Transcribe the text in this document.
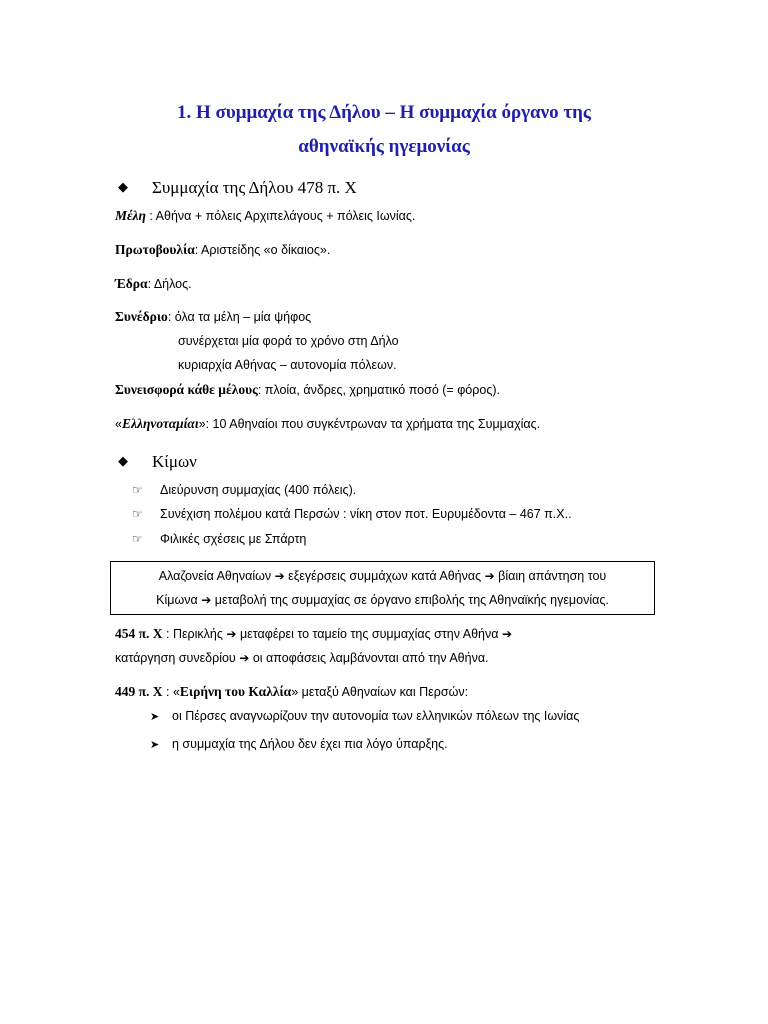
1. Η συμμαχία της Δήλου – Η συμμαχία όργανο της
αθηναϊκής ηγεμονίας
◆ Συμμαχία της Δήλου 478 π. Χ
Μέλη : Αθήνα + πόλεις Αρχιπελάγους + πόλεις Ιωνίας.
Πρωτοβουλία: Αριστείδης «ο δίκαιος».
Έδρα: Δήλος.
Συνέδριο: όλα τα μέλη – μία ψήφος
συνέρχεται μία φορά το χρόνο στη Δήλο
κυριαρχία Αθήνας – αυτονομία πόλεων.
Συνεισφορά κάθε μέλους: πλοία, άνδρες, χρηματικό ποσό (= φόρος).
«Ελληνοταμίαι»: 10 Αθηναίοι που συγκέντρωναν τα χρήματα της Συμμαχίας.
◆ Κίμων
☞ Διεύρυνση συμμαχίας (400 πόλεις).
☞ Συνέχιση πολέμου κατά Περσών : νίκη στον ποτ. Ευρυμέδοντα – 467 π.Χ..
☞ Φιλικές σχέσεις με Σπάρτη
Αλαζονεία Αθηναίων ➔ εξεγέρσεις συμμάχων κατά Αθήνας ➔ βίαιη απάντηση του
Κίμωνα ➔ μεταβολή της συμμαχίας σε όργανο επιβολής της Αθηναϊκής ηγεμονίας.
454 π. Χ : Περικλής ➔ μεταφέρει το ταμείο της συμμαχίας στην Αθήνα ➔
κατάργηση συνεδρίου ➔ οι αποφάσεις λαμβάνονται από την Αθήνα.
449 π. Χ : «Ειρήνη του Καλλία» μεταξύ Αθηναίων και Περσών:
➤ οι Πέρσες αναγνωρίζουν την αυτονομία των ελληνικών πόλεων της Ιωνίας
➤ η συμμαχία της Δήλου δεν έχει πια λόγο ύπαρξης.
